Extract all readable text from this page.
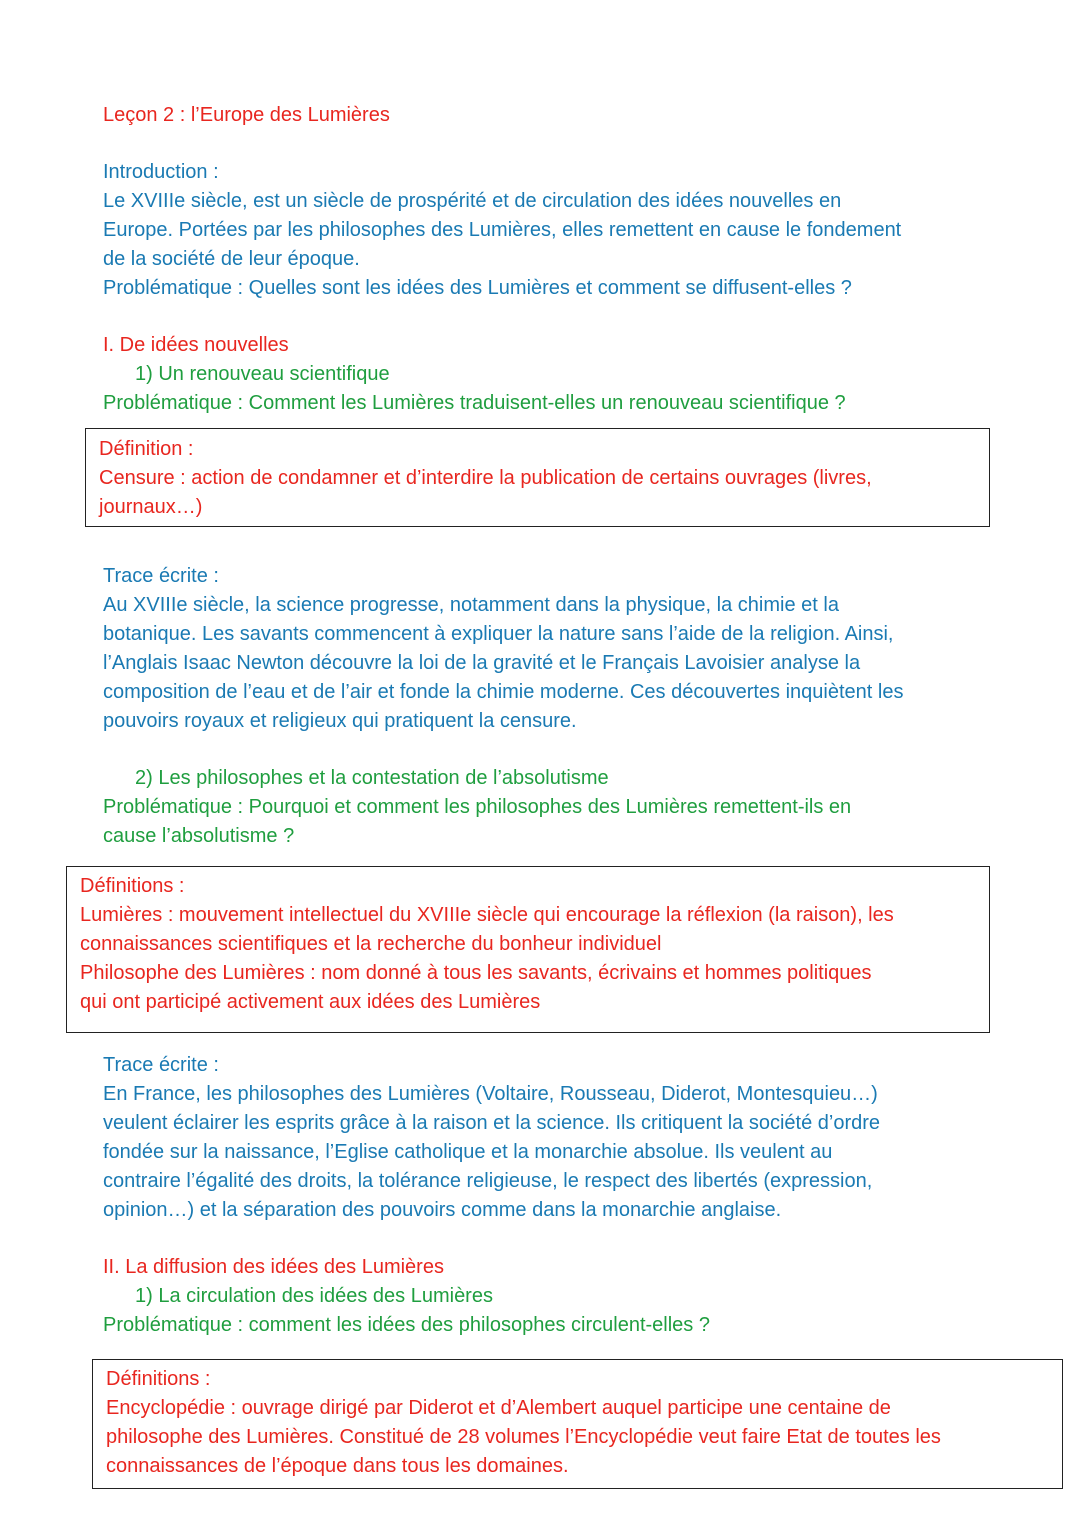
Leçon 2 : l’Europe des Lumières
Introduction :
Le XVIIIe siècle, est un siècle de prospérité et de circulation des idées nouvelles en
Europe. Portées par les philosophes des Lumières, elles remettent en cause le fondement
de la société de leur époque.
Problématique : Quelles sont les idées des Lumières et comment se diffusent-elles ?
I. De idées nouvelles
1) Un renouveau scientifique
Problématique : Comment les Lumières traduisent-elles un renouveau scientifique ?
Définition :
Censure : action de condamner et d’interdire la publication de certains ouvrages (livres,
journaux…)
Trace écrite :
Au XVIIIe siècle, la science progresse, notamment dans la physique, la chimie et la
botanique. Les savants commencent à expliquer la nature sans l’aide de la religion. Ainsi,
l’Anglais Isaac Newton découvre la loi de la gravité et le Français Lavoisier analyse la
composition de l’eau et de l’air et fonde la chimie moderne. Ces découvertes inquiètent les
pouvoirs royaux et religieux qui pratiquent la censure.
2) Les philosophes et la contestation de l’absolutisme
Problématique : Pourquoi et comment les philosophes des Lumières remettent-ils en
cause l’absolutisme ?
Définitions :
Lumières : mouvement intellectuel du XVIIIe siècle qui encourage la réflexion (la raison), les
connaissances scientifiques et la recherche du bonheur individuel
Philosophe des Lumières : nom donné à tous les savants, écrivains et hommes politiques
qui ont participé activement aux idées des Lumières
Trace écrite :
En France, les philosophes des Lumières (Voltaire, Rousseau, Diderot, Montesquieu…)
veulent éclairer les esprits grâce à la raison et la science. Ils critiquent la société d’ordre
fondée sur la naissance, l’Eglise catholique et la monarchie absolue. Ils veulent au
contraire l’égalité des droits, la tolérance religieuse, le respect des libertés (expression,
opinion…) et la séparation des pouvoirs comme dans la monarchie anglaise.
II. La diffusion des idées des Lumières
1) La circulation des idées des Lumières
Problématique : comment les idées des philosophes circulent-elles ?
Définitions :
Encyclopédie : ouvrage dirigé par Diderot et d’Alembert auquel participe une centaine de
philosophe des Lumières. Constitué de 28 volumes l’Encyclopédie veut faire Etat de toutes les
connaissances de l’époque dans tous les domaines.
